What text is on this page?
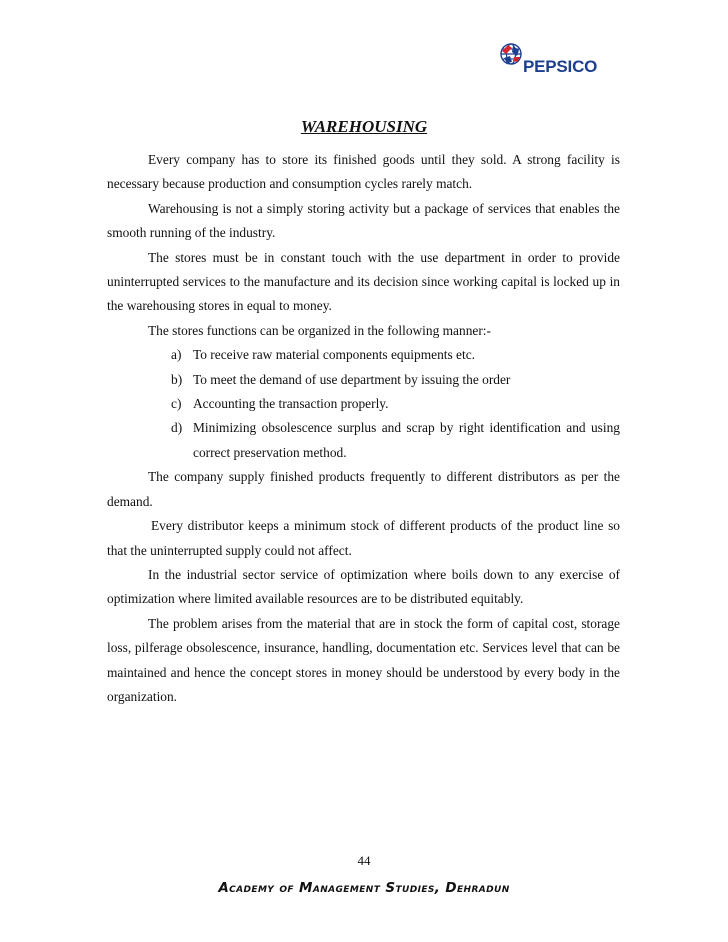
PEPSICO
WAREHOUSING

Every company has to store its finished goods until they sold. A strong facility is necessary because production and consumption cycles rarely match.

Warehousing is not a simply storing activity but a package of services that enables the smooth running of the industry.

The stores must be in constant touch with the use department in order to provide uninterrupted services to the manufacture and its decision since working capital is locked up in the warehousing stores in equal to money.

The stores functions can be organized in the following manner:-

a) To receive raw material components equipments etc.
b) To meet the demand of use department by issuing the order
c) Accounting the transaction properly.
d) Minimizing obsolescence surplus and scrap by right identification and using correct preservation method.

The company supply finished products frequently to different distributors as per the demand.

Every distributor keeps a minimum stock of different products of the product line so that the uninterrupted supply could not affect.

In the industrial sector service of optimization where boils down to any exercise of optimization where limited available resources are to be distributed equitably.

The problem arises from the material that are in stock the form of capital cost, storage loss, pilferage obsolescence, insurance, handling, documentation etc. Services level that can be maintained and hence the concept stores in money should be understood by every body in the organization.

44
Academy of Management Studies, Dehradun
